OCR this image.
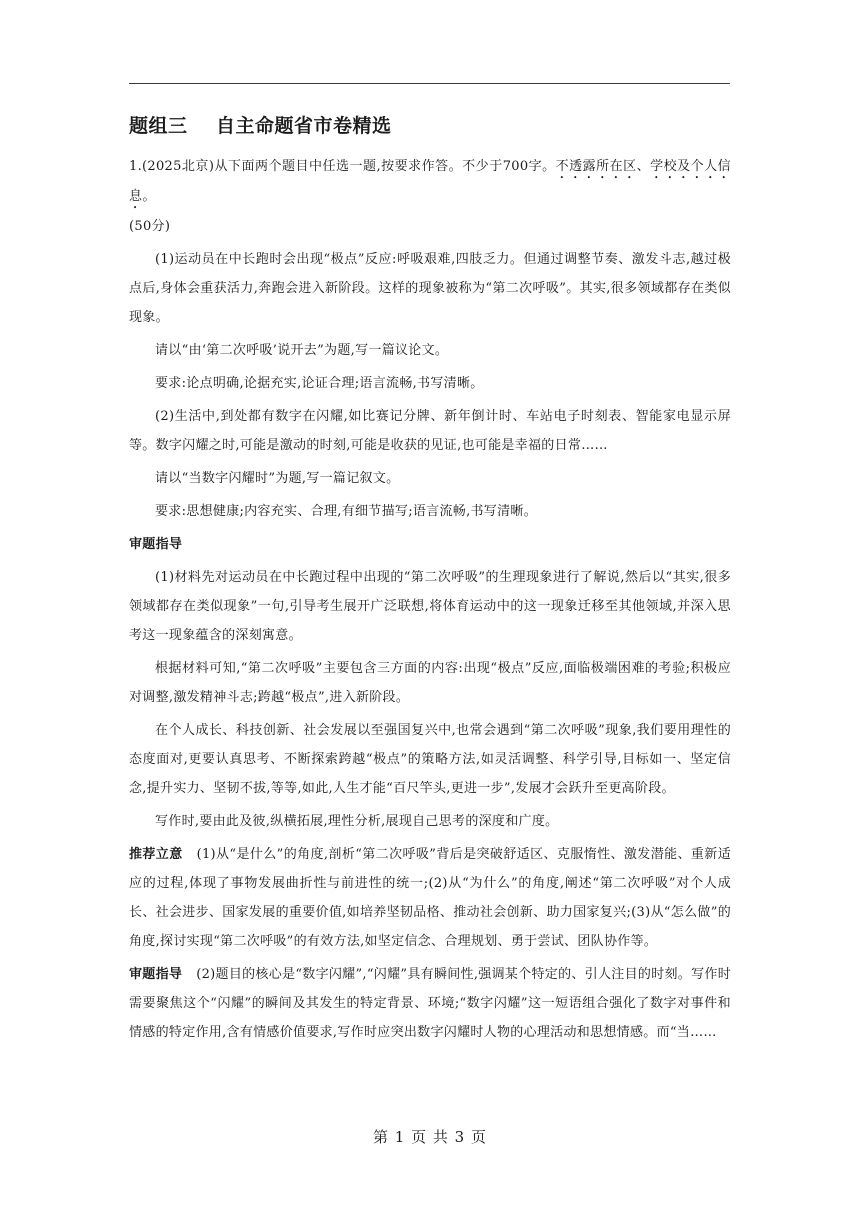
题组三    自主命题省市卷精选

1.(2025北京)从下面两个题目中任选一题,按要求作答。不少于700字。不透露所在区、学校及个人信息。

(50分)

(1)运动员在中长跑时会出现“极点”反应:呼吸艰难,四肢乏力。但通过调整节奏、激发斗志,越过极点后,身体会重获活力,奔跑会进入新阶段。这样的现象被称为“第二次呼吸”。其实,很多领域都存在类似现象。

请以“由‘第二次呼吸’说开去”为题,写一篇议论文。

要求:论点明确,论据充实,论证合理;语言流畅,书写清晰。

(2)生活中,到处都有数字在闪耀,如比赛记分牌、新年倒计时、车站电子时刻表、智能家电显示屏等。数字闪耀之时,可能是激动的时刻,可能是收获的见证,也可能是幸福的日常……

请以“当数字闪耀时”为题,写一篇记叙文。

要求:思想健康;内容充实、合理,有细节描写;语言流畅,书写清晰。

审题指导

(1)材料先对运动员在中长跑过程中出现的“第二次呼吸”的生理现象进行了解说,然后以“其实,很多领域都存在类似现象”一句,引导考生展开广泛联想,将体育运动中的这一现象迁移至其他领域,并深入思考这一现象蕴含的深刻寓意。

根据材料可知,“第二次呼吸”主要包含三方面的内容:出现“极点”反应,面临极端困难的考验;积极应对调整,激发精神斗志;跨越“极点”,进入新阶段。

在个人成长、科技创新、社会发展以至强国复兴中,也常会遇到“第二次呼吸”现象,我们要用理性的态度面对,更要认真思考、不断探索跨越“极点”的策略方法,如灵活调整、科学引导,目标如一、坚定信念,提升实力、坚韧不拔,等等,如此,人生才能“百尺竿头,更进一步”,发展才会跃升至更高阶段。

写作时,要由此及彼,纵横拓展,理性分析,展现自己思考的深度和广度。

推荐立意 (1)从“是什么”的角度,剖析“第二次呼吸”背后是突破舒适区、克服惰性、激发潜能、重新适应的过程,体现了事物发展曲折性与前进性的统一;(2)从“为什么”的角度,阐述“第二次呼吸”对个人成长、社会进步、国家发展的重要价值,如培养坚韧品格、推动社会创新、助力国家复兴;(3)从“怎么做”的角度,探讨实现“第二次呼吸”的有效方法,如坚定信念、合理规划、勇于尝试、团队协作等。

审题指导 (2)题目的核心是“数字闪耀”,“闪耀”具有瞬间性,强调某个特定的、引人注目的时刻。写作时需要聚焦这个“闪耀”的瞬间及其发生的特定背景、环境;“数字闪耀”这一短语组合强化了数字对事件和情感的特定作用,含有情感价值要求,写作时应突出数字闪耀时人物的心理活动和思想情感。而“当……

第 1 页 共 3 页
